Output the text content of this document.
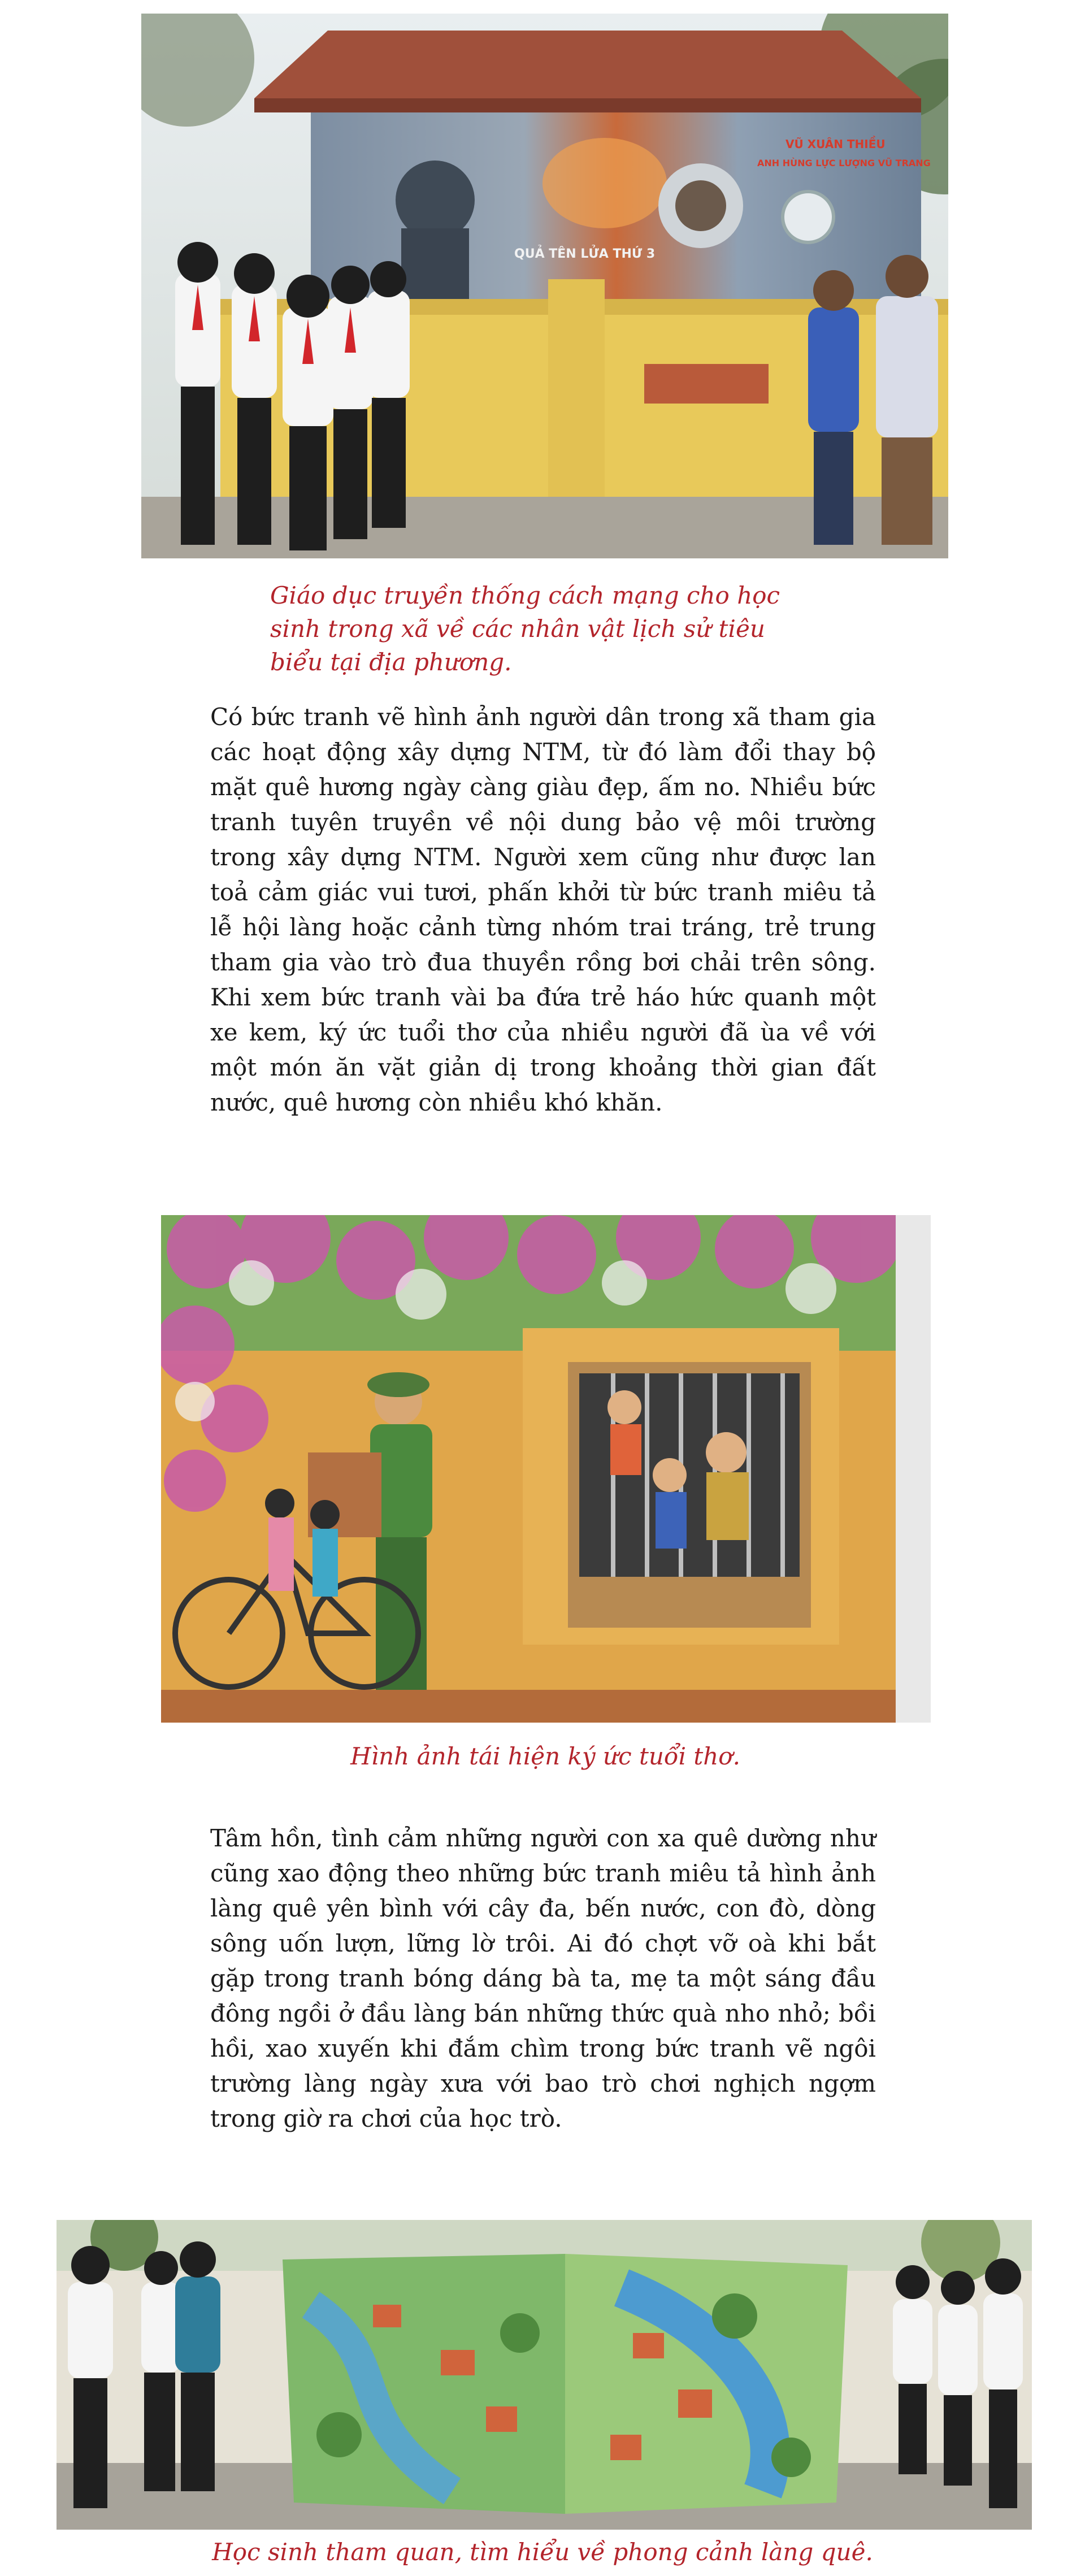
VŨ XUÂN THIỀU
ANH HÙNG LỰC LƯỢNG VŨ TRANG
QUẢ TÊN LỬA THỨ 3
Giáo dục truyền thống cách mạng cho học sinh trong xã về các nhân vật lịch sử tiêu biểu tại địa phương.

Có bức tranh vẽ hình ảnh người dân trong xã tham gia các hoạt động xây dựng NTM, từ đó làm đổi thay bộ mặt quê hương ngày càng giàu đẹp, ấm no. Nhiều bức tranh tuyên truyền về nội dung bảo vệ môi trường trong xây dựng NTM. Người xem cũng như được lan toả cảm giác vui tươi, phấn khởi từ bức tranh miêu tả lễ hội làng hoặc cảnh từng nhóm trai tráng, trẻ trung tham gia vào trò đua thuyền rồng bơi chải trên sông. Khi xem bức tranh vài ba đứa trẻ háo hức quanh một xe kem, ký ức tuổi thơ của nhiều người đã ùa về với một món ăn vặt giản dị trong khoảng thời gian đất nước, quê hương còn nhiều khó khăn.

Hình ảnh tái hiện ký ức tuổi thơ.

Tâm hồn, tình cảm những người con xa quê dường như cũng xao động theo những bức tranh miêu tả hình ảnh làng quê yên bình với cây đa, bến nước, con đò, dòng sông uốn lượn, lững lờ trôi. Ai đó chợt vỡ oà khi bắt gặp trong tranh bóng dáng bà ta, mẹ ta một sáng đầu đông ngồi ở đầu làng bán những thức quà nho nhỏ; bồi hồi, xao xuyến khi đắm chìm trong bức tranh vẽ ngôi trường làng ngày xưa với bao trò chơi nghịch ngợm trong giờ ra chơi của học trò.

Học sinh tham quan, tìm hiểu về phong cảnh làng quê.
